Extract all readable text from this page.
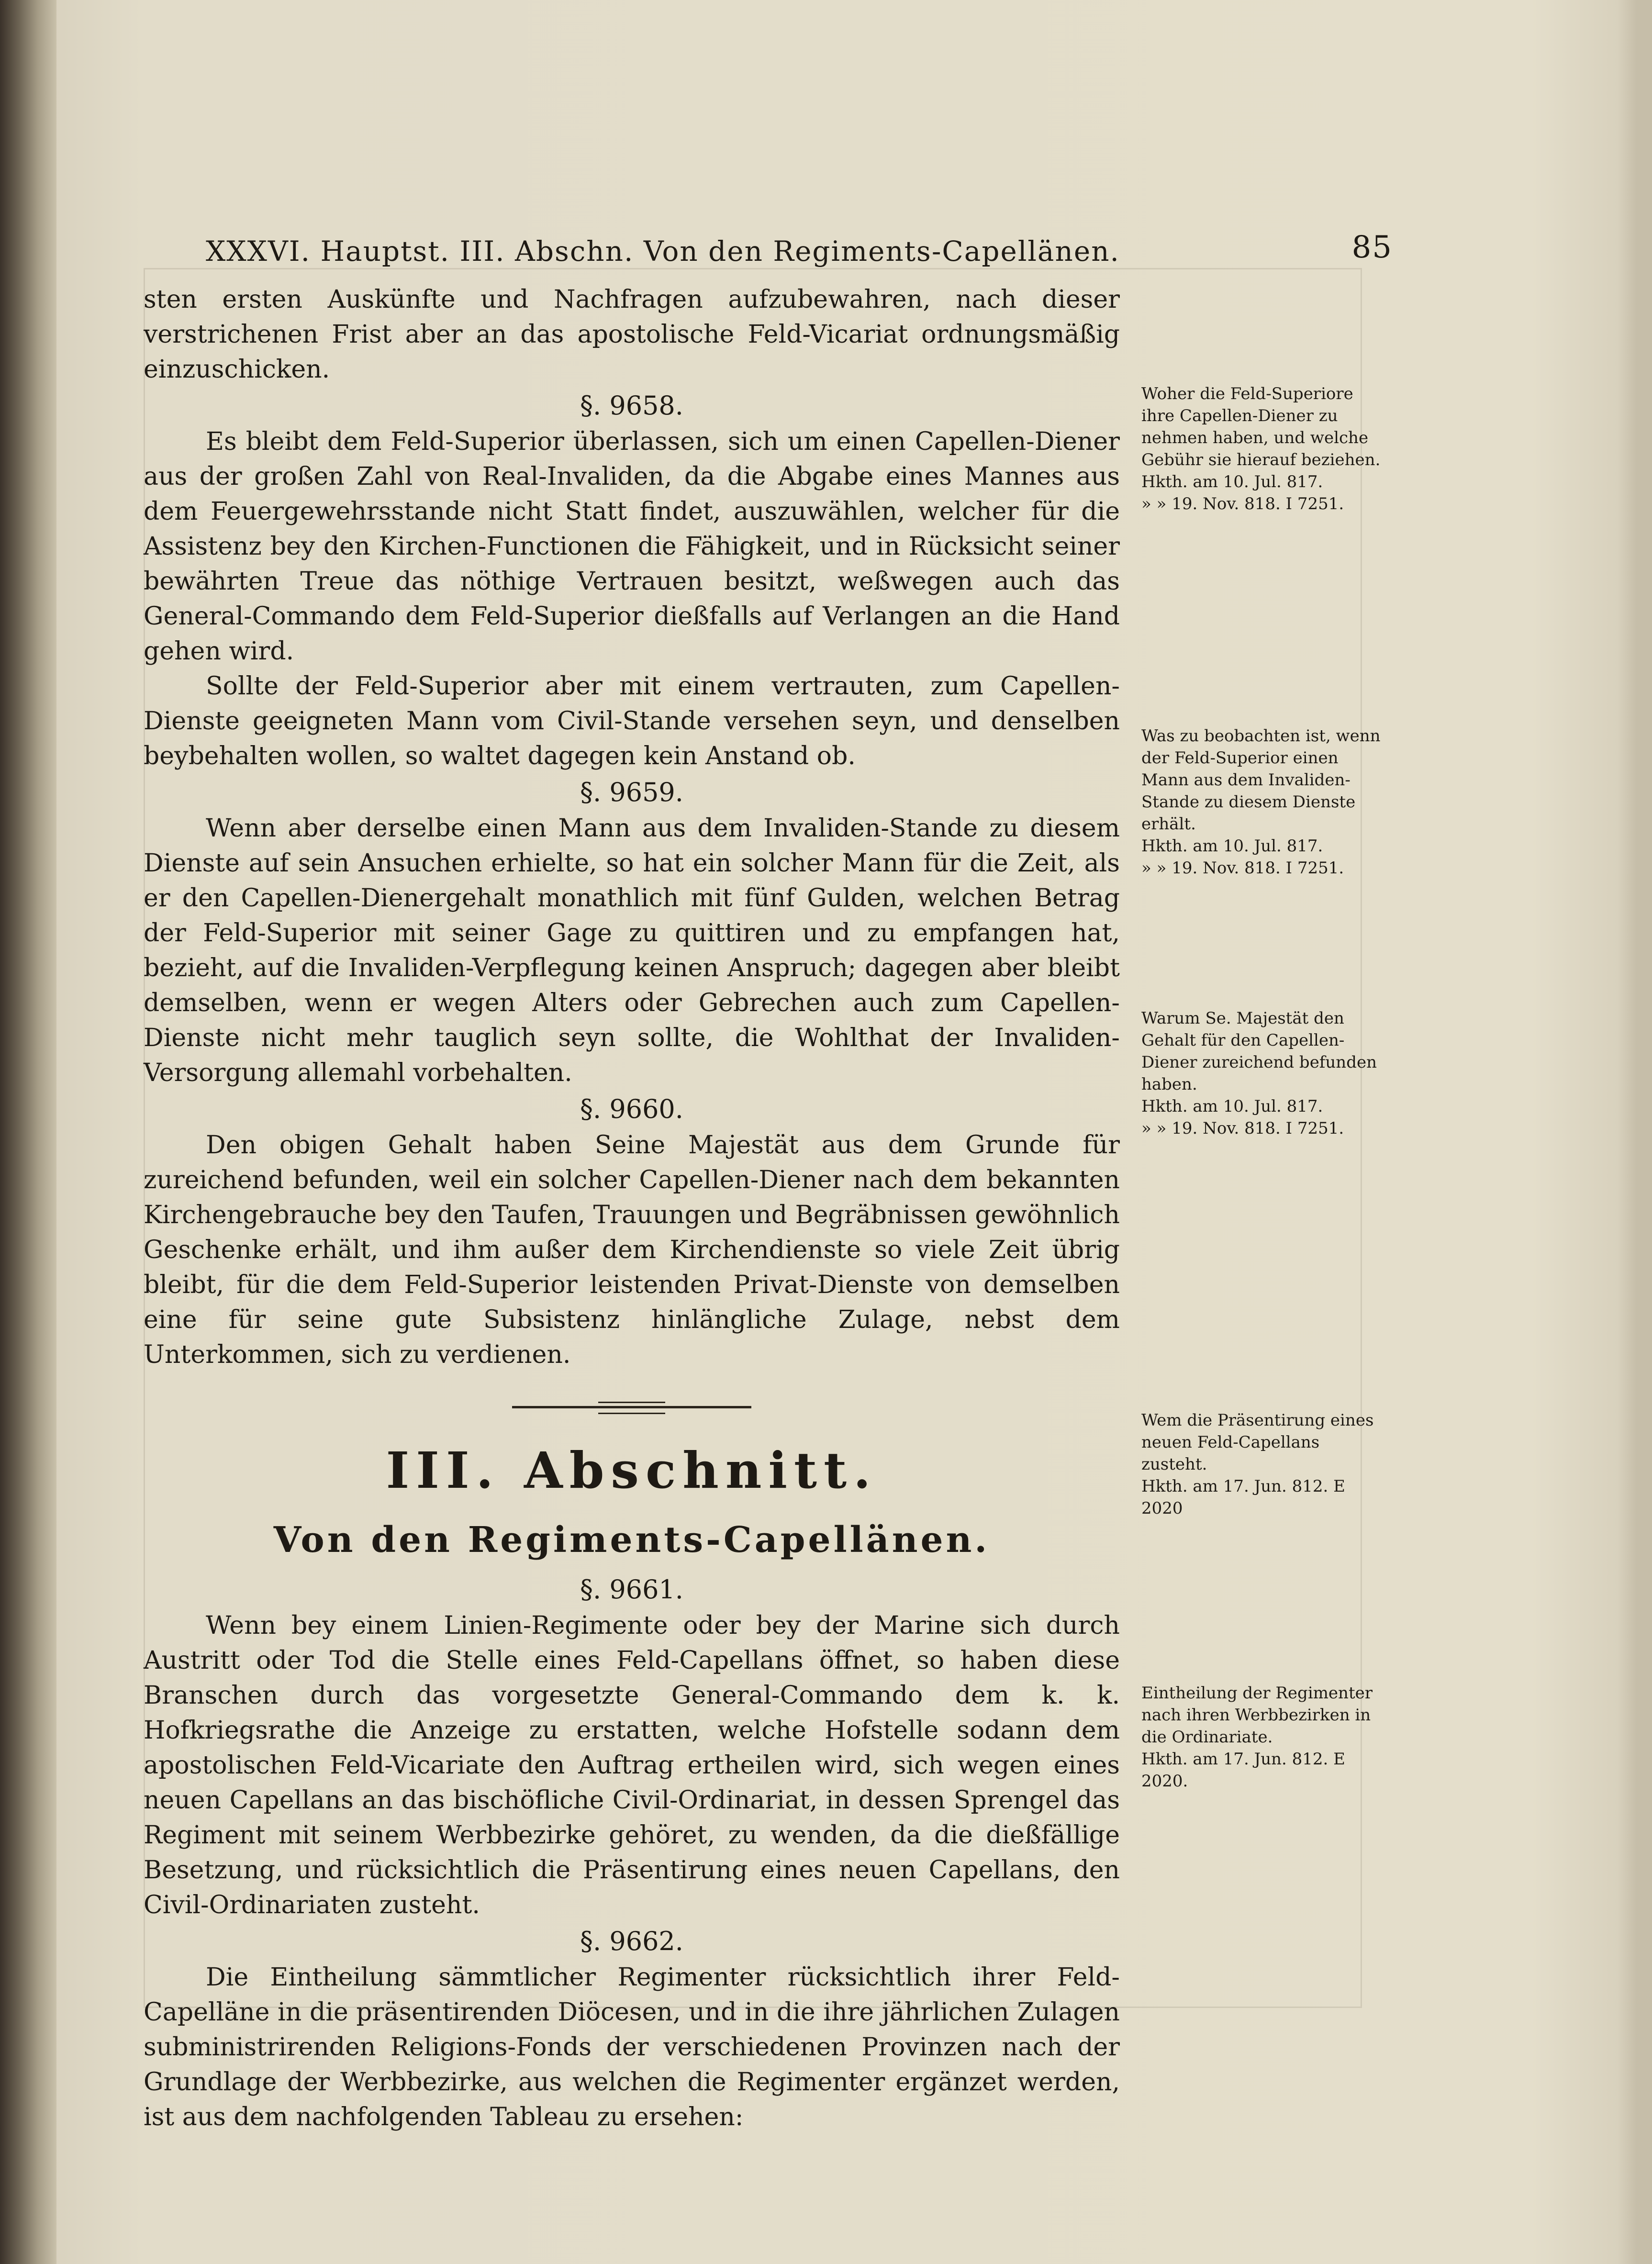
XXXVI. Hauptst. III. Abschn. Von den Regiments-Capellänen.	85

sten ersten Auskünfte und Nachfragen aufzubewahren, nach dieser verstrichenen Frist aber an das apostolische Feld-Vicariat ordnungsmäßig einzuschicken.

§. 9658.

Es bleibt dem Feld-Superior überlassen, sich um einen Capellen-Diener aus der großen Zahl von Real-Invaliden, da die Abgabe eines Mannes aus dem Feuergewehrsstande nicht Statt findet, auszuwählen, welcher für die Assistenz bey den Kirchen-Functionen die Fähigkeit, und in Rücksicht seiner bewährten Treue das nöthige Vertrauen besitzt, weßwegen auch das General-Commando dem Feld-Superior dießfalls auf Verlangen an die Hand gehen wird.

Sollte der Feld-Superior aber mit einem vertrauten, zum Capellen-Dienste geeigneten Mann vom Civil-Stande versehen seyn, und denselben beybehalten wollen, so waltet dagegen kein Anstand ob.

§. 9659.

Wenn aber derselbe einen Mann aus dem Invaliden-Stande zu diesem Dienste auf sein Ansuchen erhielte, so hat ein solcher Mann für die Zeit, als er den Capellen-Dienergehalt monathlich mit fünf Gulden, welchen Betrag der Feld-Superior mit seiner Gage zu quittiren und zu empfangen hat, bezieht, auf die Invaliden-Verpflegung keinen Anspruch; dagegen aber bleibt demselben, wenn er wegen Alters oder Gebrechen auch zum Capellen-Dienste nicht mehr tauglich seyn sollte, die Wohlthat der Invaliden-Versorgung allemahl vorbehalten.

§. 9660.

Den obigen Gehalt haben Seine Majestät aus dem Grunde für zureichend befunden, weil ein solcher Capellen-Diener nach dem bekannten Kirchengebrauche bey den Taufen, Trauungen und Begräbnissen gewöhnlich Geschenke erhält, und ihm außer dem Kirchendienste so viele Zeit übrig bleibt, für die dem Feld-Superior leistenden Privat-Dienste von demselben eine für seine gute Subsistenz hinlängliche Zulage, nebst dem Unterkommen, sich zu verdienen.

III. Abschnitt.

Von den Regiments-Capellänen.

§. 9661.

Wenn bey einem Linien-Regimente oder bey der Marine sich durch Austritt oder Tod die Stelle eines Feld-Capellans öffnet, so haben diese Branschen durch das vorgesetzte General-Commando dem k. k. Hofkriegsrathe die Anzeige zu erstatten, welche Hofstelle sodann dem apostolischen Feld-Vicariate den Auftrag ertheilen wird, sich wegen eines neuen Capellans an das bischöfliche Civil-Ordinariat, in dessen Sprengel das Regiment mit seinem Werbbezirke gehöret, zu wenden, da die dießfällige Besetzung, und rücksichtlich die Präsentirung eines neuen Capellans, den Civil-Ordinariaten zusteht.

§. 9662.

Die Eintheilung sämmtlicher Regimenter rücksichtlich ihrer Feld-Capelläne in die präsentirenden Diöcesen, und in die ihre jährlichen Zulagen subministrirenden Religions-Fonds der verschiedenen Provinzen nach der Grundlage der Werbbezirke, aus welchen die Regimenter ergänzet werden, ist aus dem nachfolgenden Tableau zu ersehen:

Woher die Feld-Superiore ihre Capellen-Diener zu nehmen haben, und welche Gebühr sie hierauf beziehen.
Hkth. am 10. Jul. 817.
» » 19. Nov. 818. I 7251.
Was zu beobachten ist, wenn der Feld-Superior einen Mann aus dem Invaliden-Stande zu diesem Dienste erhält.
Hkth. am 10. Jul. 817.
» » 19. Nov. 818. I 7251.
Warum Se. Majestät den Gehalt für den Capellen-Diener zureichend befunden haben.
Hkth. am 10. Jul. 817.
» » 19. Nov. 818. I 7251.
Wem die Präsentirung eines neuen Feld-Capellans zusteht.
Hkth. am 17. Jun. 812. E 2020
Eintheilung der Regimenter nach ihren Werbbezirken in die Ordinariate.
Hkth. am 17. Jun. 812. E 2020.
